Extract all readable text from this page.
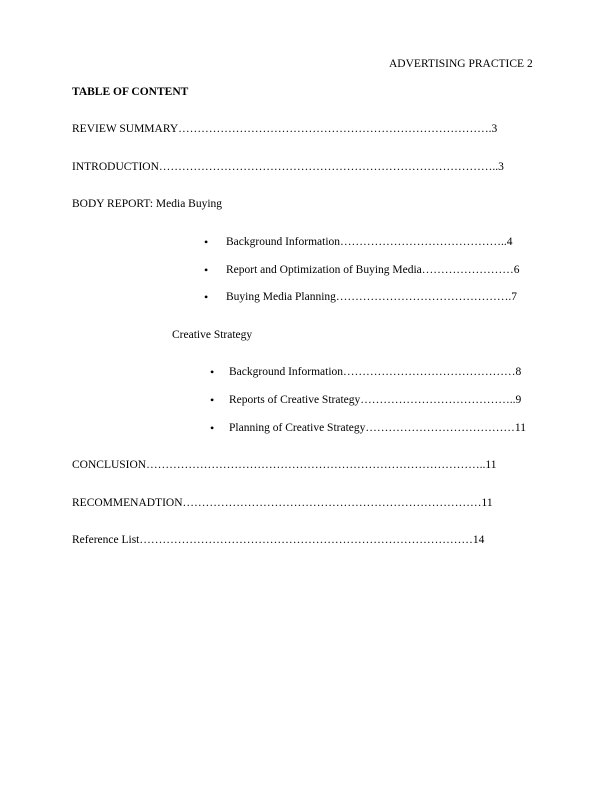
ADVERTISING PRACTICE 2
TABLE OF CONTENT
REVIEW SUMMARY……………………………………………………………………….3
INTRODUCTION……………………………………………………………………………..3
BODY REPORT: Media Buying
• Background Information……………………………………..4
• Report and Optimization of Buying Media……………………6
• Buying Media Planning……………………………………….7
Creative Strategy
• Background Information………………………………………8
• Reports of Creative Strategy…………………………………..9
• Planning of Creative Strategy…………………………………11
CONCLUSION……………………………………………………………………………..11
RECOMMENADTION……………………………………………………………………11
Reference List……………………………………………………………………………14
